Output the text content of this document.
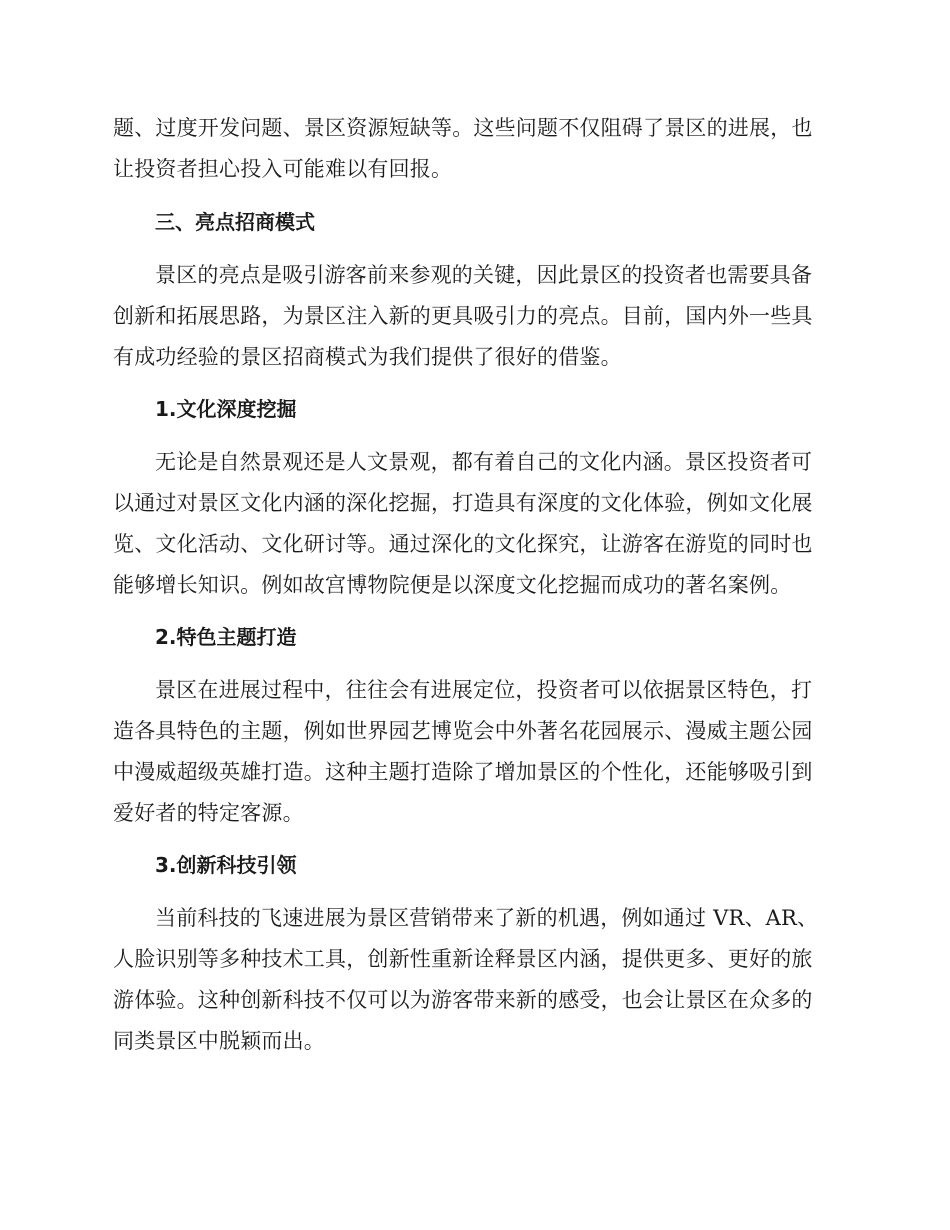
题、过度开发问题、景区资源短缺等。这些问题不仅阻碍了景区的进展，也
让投资者担心投入可能难以有回报。

三、亮点招商模式

景区的亮点是吸引游客前来参观的关键，因此景区的投资者也需要具备
创新和拓展思路，为景区注入新的更具吸引力的亮点。目前，国内外一些具
有成功经验的景区招商模式为我们提供了很好的借鉴。

1.文化深度挖掘

无论是自然景观还是人文景观，都有着自己的文化内涵。景区投资者可
以通过对景区文化内涵的深化挖掘，打造具有深度的文化体验，例如文化展
览、文化活动、文化研讨等。通过深化的文化探究，让游客在游览的同时也
能够增长知识。例如故宫博物院便是以深度文化挖掘而成功的著名案例。

2.特色主题打造

景区在进展过程中，往往会有进展定位，投资者可以依据景区特色，打
造各具特色的主题，例如世界园艺博览会中外著名花园展示、漫威主题公园
中漫威超级英雄打造。这种主题打造除了增加景区的个性化，还能够吸引到
爱好者的特定客源。

3.创新科技引领

当前科技的飞速进展为景区营销带来了新的机遇，例如通过 VR、AR、
人脸识别等多种技术工具，创新性重新诠释景区内涵，提供更多、更好的旅
游体验。这种创新科技不仅可以为游客带来新的感受，也会让景区在众多的
同类景区中脱颖而出。
